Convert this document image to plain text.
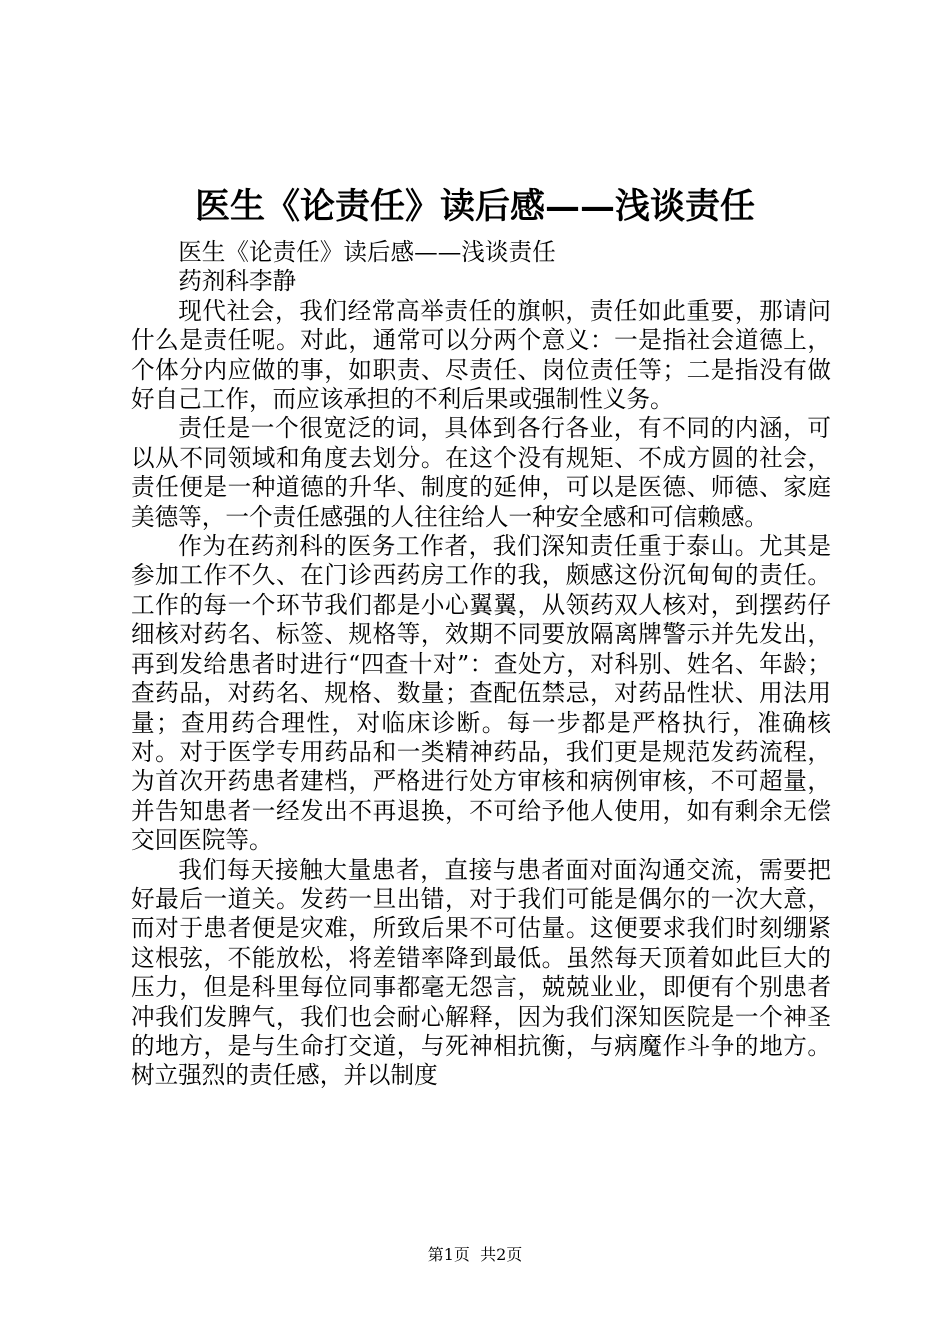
医生《论责任》读后感——浅谈责任

医生《论责任》读后感——浅谈责任

药剂科李静

现代社会，我们经常高举责任的旗帜，责任如此重要，那请问什么是责任呢。对此，通常可以分两个意义：一是指社会道德上，个体分内应做的事，如职责、尽责任、岗位责任等；二是指没有做好自己工作，而应该承担的不利后果或强制性义务。

责任是一个很宽泛的词，具体到各行各业，有不同的内涵，可以从不同领域和角度去划分。在这个没有规矩、不成方圆的社会，责任便是一种道德的升华、制度的延伸，可以是医德、师德、家庭美德等，一个责任感强的人往往给人一种安全感和可信赖感。

作为在药剂科的医务工作者，我们深知责任重于泰山。尤其是参加工作不久、在门诊西药房工作的我，颇感这份沉甸甸的责任。工作的每一个环节我们都是小心翼翼，从领药双人核对，到摆药仔细核对药名、标签、规格等，效期不同要放隔离牌警示并先发出，再到发给患者时进行“四查十对”：查处方，对科别、姓名、年龄；查药品，对药名、规格、数量；查配伍禁忌，对药品性状、用法用量；查用药合理性，对临床诊断。每一步都是严格执行，准确核对。对于医学专用药品和一类精神药品，我们更是规范发药流程，为首次开药患者建档，严格进行处方审核和病例审核，不可超量，并告知患者一经发出不再退换，不可给予他人使用，如有剩余无偿交回医院等。

我们每天接触大量患者，直接与患者面对面沟通交流，需要把好最后一道关。发药一旦出错，对于我们可能是偶尔的一次大意，而对于患者便是灾难，所致后果不可估量。这便要求我们时刻绷紧这根弦，不能放松，将差错率降到最低。虽然每天顶着如此巨大的压力，但是科里每位同事都毫无怨言，兢兢业业，即便有个别患者冲我们发脾气，我们也会耐心解释，因为我们深知医院是一个神圣的地方，是与生命打交道，与死神相抗衡，与病魔作斗争的地方。树立强烈的责任感，并以制度

第1页 共2页
